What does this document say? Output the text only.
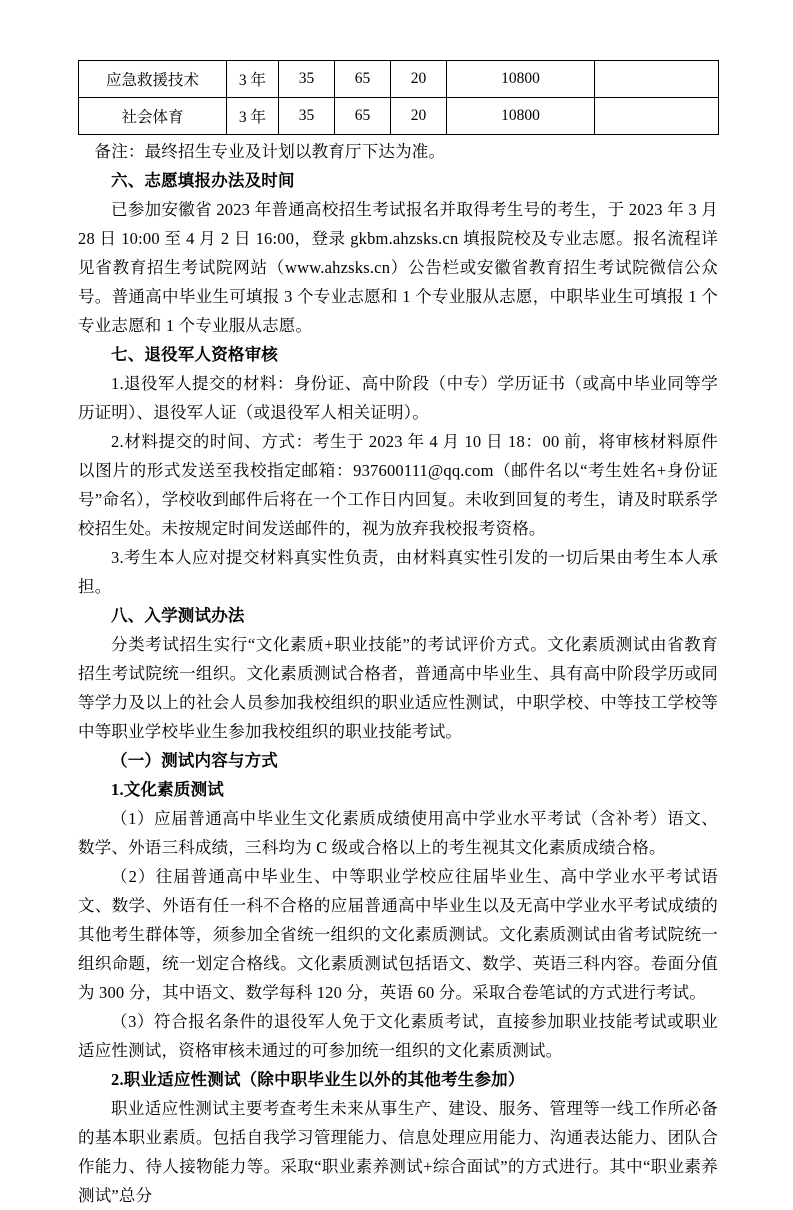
应急救援技术	3 年	35	65	20	10800	
社会体育	3 年	35	65	20	10800	

备注：最终招生专业及计划以教育厅下达为准。

六、志愿填报办法及时间

已参加安徽省 2023 年普通高校招生考试报名并取得考生号的考生，于 2023 年 3 月 28 日 10:00 至 4 月 2 日 16:00，登录 gkbm.ahzsks.cn 填报院校及专业志愿。报名流程详见省教育招生考试院网站（www.ahzsks.cn）公告栏或安徽省教育招生考试院微信公众号。普通高中毕业生可填报 3 个专业志愿和 1 个专业服从志愿，中职毕业生可填报 1 个专业志愿和 1 个专业服从志愿。

七、退役军人资格审核

1.退役军人提交的材料：身份证、高中阶段（中专）学历证书（或高中毕业同等学历证明）、退役军人证（或退役军人相关证明）。

2.材料提交的时间、方式：考生于 2023 年 4 月 10 日 18：00 前，将审核材料原件以图片的形式发送至我校指定邮箱：937600111@qq.com（邮件名以“考生姓名+身份证号”命名），学校收到邮件后将在一个工作日内回复。未收到回复的考生，请及时联系学校招生处。未按规定时间发送邮件的，视为放弃我校报考资格。

3.考生本人应对提交材料真实性负责，由材料真实性引发的一切后果由考生本人承担。

八、入学测试办法

分类考试招生实行“文化素质+职业技能”的考试评价方式。文化素质测试由省教育招生考试院统一组织。文化素质测试合格者，普通高中毕业生、具有高中阶段学历或同等学力及以上的社会人员参加我校组织的职业适应性测试，中职学校、中等技工学校等中等职业学校毕业生参加我校组织的职业技能考试。

（一）测试内容与方式

1.文化素质测试

（1）应届普通高中毕业生文化素质成绩使用高中学业水平考试（含补考）语文、数学、外语三科成绩，三科均为 C 级或合格以上的考生视其文化素质成绩合格。

（2）往届普通高中毕业生、中等职业学校应往届毕业生、高中学业水平考试语文、数学、外语有任一科不合格的应届普通高中毕业生以及无高中学业水平考试成绩的其他考生群体等，须参加全省统一组织的文化素质测试。文化素质测试由省考试院统一组织命题，统一划定合格线。文化素质测试包括语文、数学、英语三科内容。卷面分值为 300 分，其中语文、数学每科 120 分，英语 60 分。采取合卷笔试的方式进行考试。

（3）符合报名条件的退役军人免于文化素质考试，直接参加职业技能考试或职业适应性测试，资格审核未通过的可参加统一组织的文化素质测试。

2.职业适应性测试（除中职毕业生以外的其他考生参加）

职业适应性测试主要考查考生未来从事生产、建设、服务、管理等一线工作所必备的基本职业素质。包括自我学习管理能力、信息处理应用能力、沟通表达能力、团队合作能力、待人接物能力等。采取“职业素养测试+综合面试”的方式进行。其中“职业素养测试”总分
